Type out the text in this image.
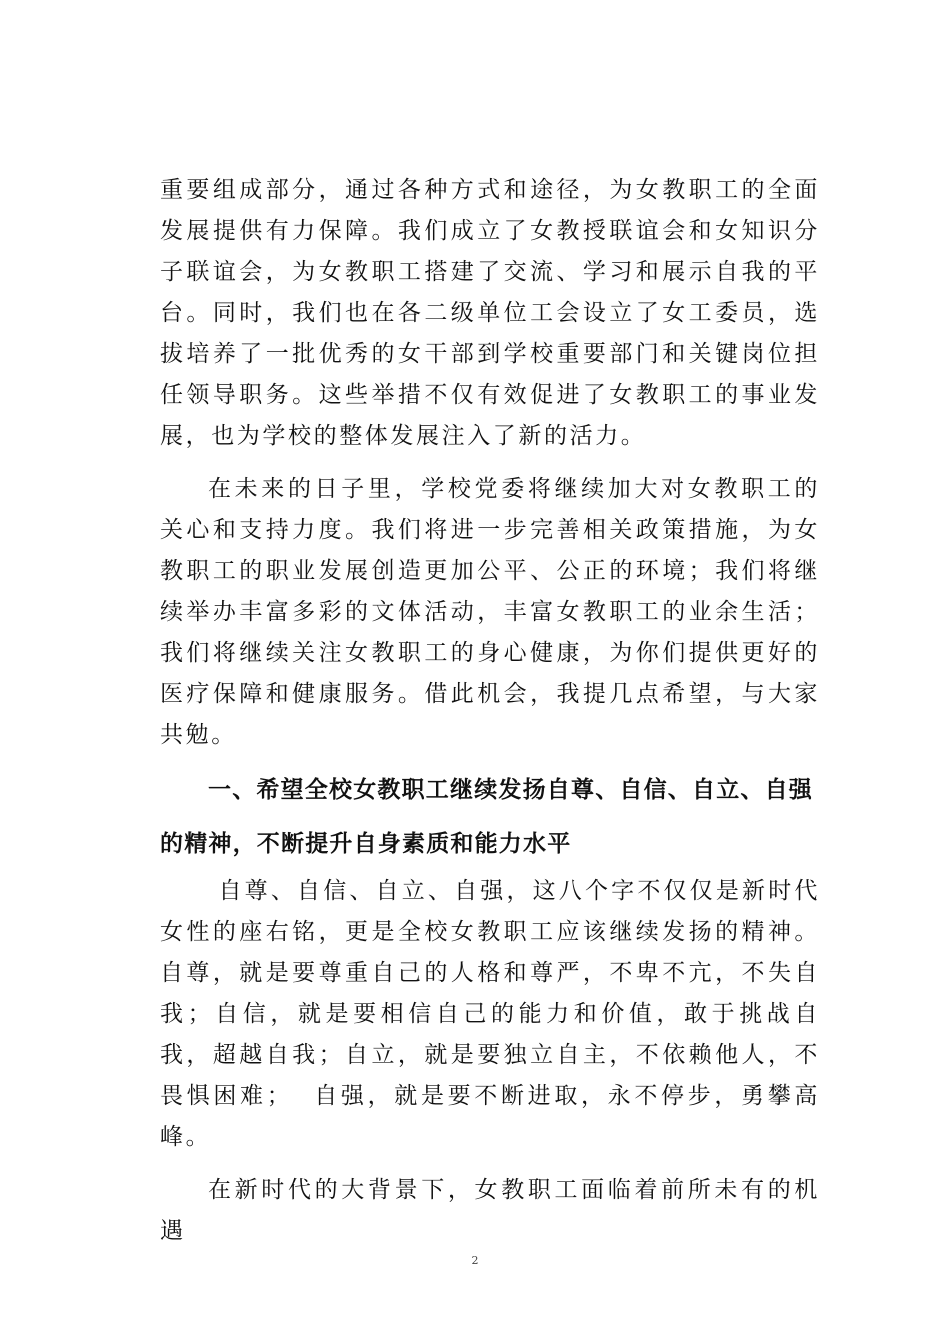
重要组成部分，通过各种方式和途径，为女教职工的全面发展提供有力保障。我们成立了女教授联谊会和女知识分子联谊会，为女教职工搭建了交流、学习和展示自我的平台。同时，我们也在各二级单位工会设立了女工委员，选拔培养了一批优秀的女干部到学校重要部门和关键岗位担任领导职务。这些举措不仅有效促进了女教职工的事业发展，也为学校的整体发展注入了新的活力。

在未来的日子里，学校党委将继续加大对女教职工的关心和支持力度。我们将进一步完善相关政策措施，为女教职工的职业发展创造更加公平、公正的环境；我们将继续举办丰富多彩的文体活动，丰富女教职工的业余生活；我们将继续关注女教职工的身心健康，为你们提供更好的医疗保障和健康服务。借此机会，我提几点希望，与大家共勉。

一、希望全校女教职工继续发扬自尊、自信、自立、自强的精神，不断提升自身素质和能力水平

自尊、自信、自立、自强，这八个字不仅仅是新时代女性的座右铭，更是全校女教职工应该继续发扬的精神。自尊，就是要尊重自己的人格和尊严，不卑不亢，不失自我；自信，就是要相信自己的能力和价值，敢于挑战自我，超越自我；自立，就是要独立自主，不依赖他人，不畏惧困难；  自强，就是要不断进取，永不停步，勇攀高峰。

在新时代的大背景下，女教职工面临着前所未有的机遇

2
